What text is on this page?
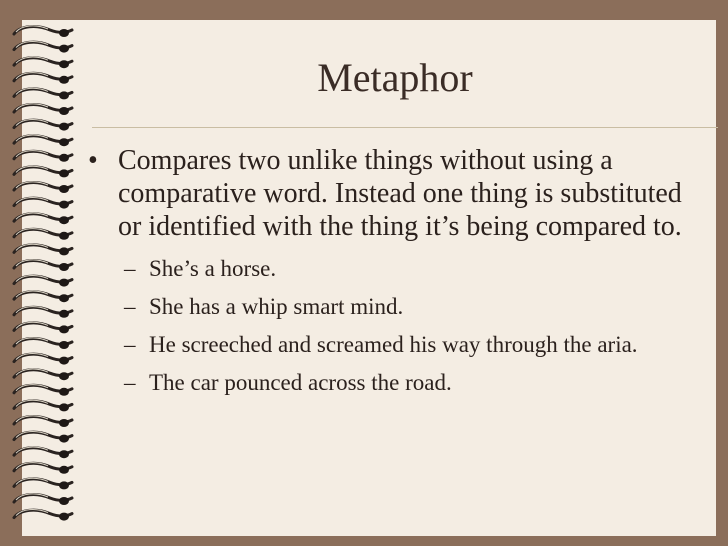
Metaphor
• Compares two unlike things without using a comparative word. Instead one thing is substituted or identified with the thing it’s being compared to.
– She’s a horse.
– She has a whip smart mind.
– He screeched and screamed his way through the aria.
– The car pounced across the road.
